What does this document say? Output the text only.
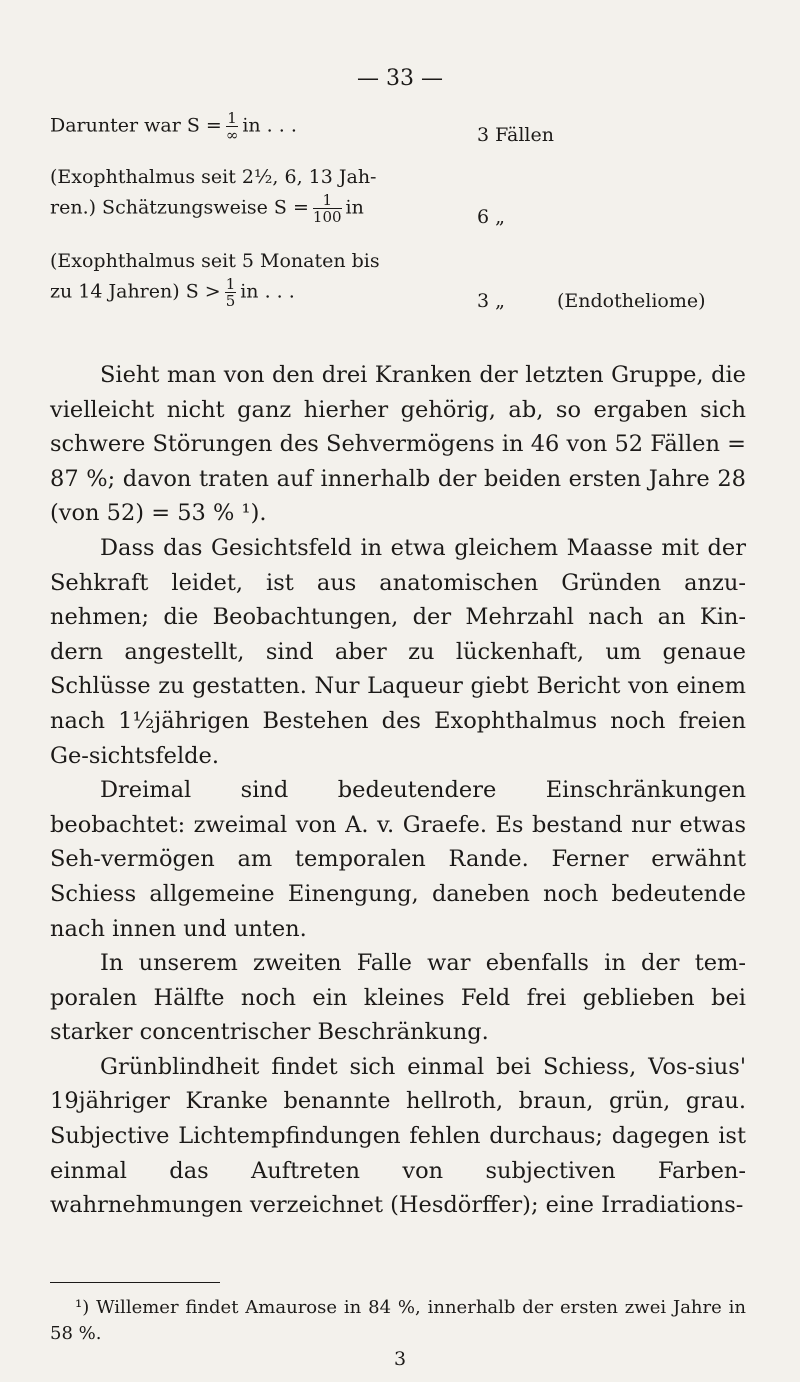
— 33 —
Darunter war $S = \frac{1}{\infty}$ in . . .	3 Fällen
(Exophthalmus seit 2½, 6, 13 Jah-
ren.) Schätzungsweise $S = \frac{1}{100}$ in	6 „
(Exophthalmus seit 5 Monaten bis
zu 14 Jahren) $S > \frac{1}{5}$ in . . .	3 „	(Endotheliome)

Sieht man von den drei Kranken der letzten Gruppe, die vielleicht nicht ganz hierher gehörig, ab, so ergaben sich schwere Störungen des Sehvermögens in 46 von 52 Fällen = 87 %; davon traten auf innerhalb der beiden ersten Jahre 28 (von 52) = 53 % ¹).

Dass das Gesichtsfeld in etwa gleichem Maasse mit der Sehkraft leidet, ist aus anatomischen Gründen anzu-nehmen; die Beobachtungen, der Mehrzahl nach an Kin-dern angestellt, sind aber zu lückenhaft, um genaue Schlüsse zu gestatten. Nur Laqueur giebt Bericht von einem nach 1½jährigen Bestehen des Exophthalmus noch freien Ge-sichtsfelde.

Dreimal sind bedeutendere Einschränkungen beobachtet: zweimal von A. v. Graefe. Es bestand nur etwas Seh-vermögen am temporalen Rande. Ferner erwähnt Schiess allgemeine Einengung, daneben noch bedeutende nach innen und unten.

In unserem zweiten Falle war ebenfalls in der tem-poralen Hälfte noch ein kleines Feld frei geblieben bei starker concentrischer Beschränkung.

Grünblindheit findet sich einmal bei Schiess, Vos-sius' 19jähriger Kranke benannte hellroth, braun, grün, grau. Subjective Lichtempfindungen fehlen durchaus; dagegen ist einmal das Auftreten von subjectiven Farben-wahrnehmungen verzeichnet (Hesdörffer); eine Irradiations-

¹) Willemer findet Amaurose in 84 %, innerhalb der ersten zwei Jahre in 58 %.

3
